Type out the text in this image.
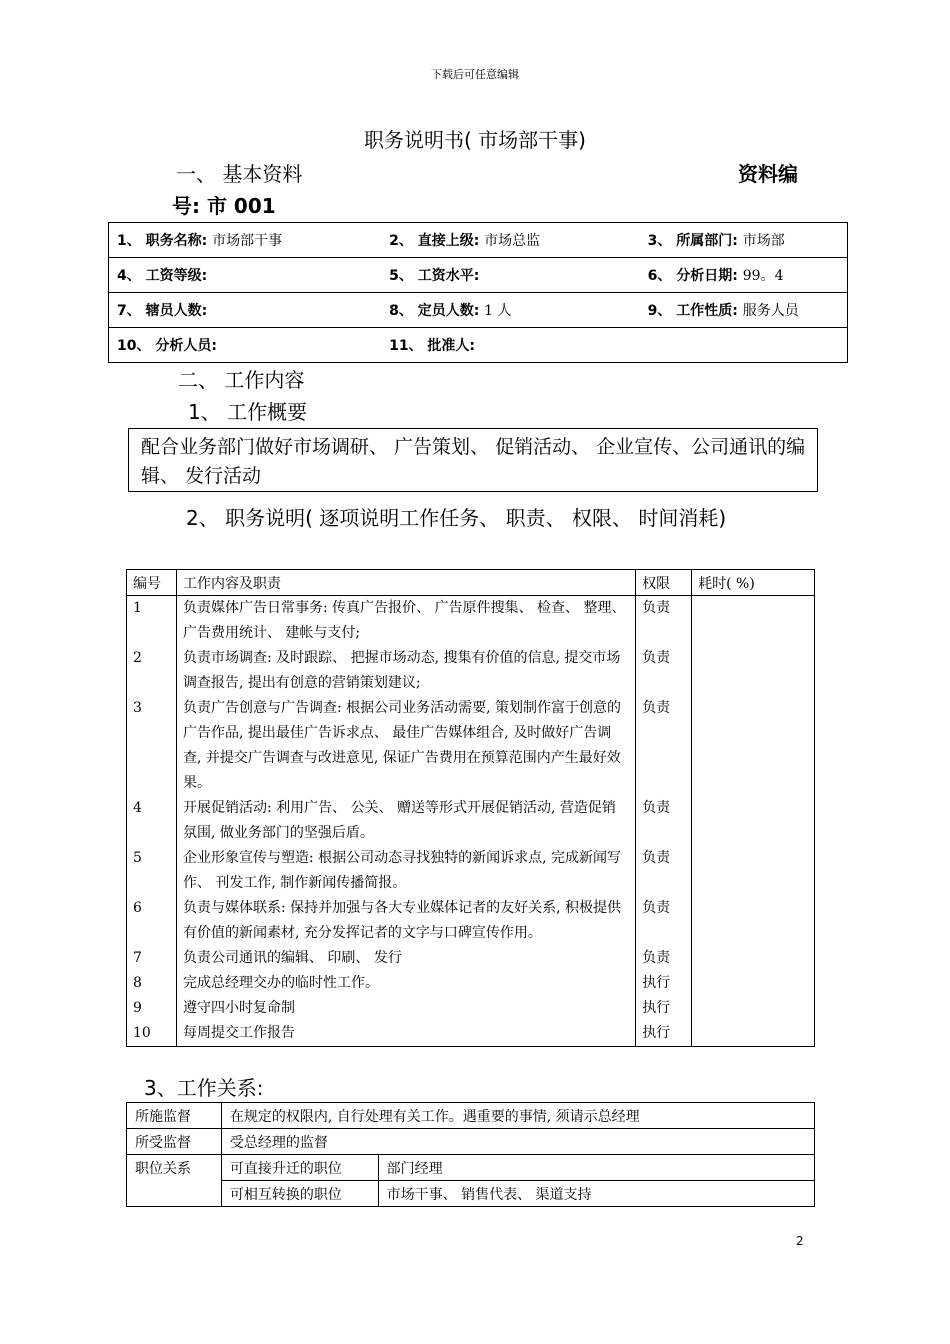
下载后可任意编辑
职务说明书( 市场部干事)
一、 基本资料	资料编
号: 市 001
1、 职务名称: 市场部干事	2、 直接上级: 市场总监	3、 所属部门: 市场部
4、 工资等级:	5、 工资水平:	6、 分析日期: 99。4
7、 辖员人数:	8、 定员人数: 1 人	9、 工作性质: 服务人员
10、 分析人员:	11、 批准人:	
二、 工作内容
1、 工作概要
配合业务部门做好市场调研、 广告策划、 促销活动、 企业宣传、公司通讯的编辑、 发行活动
2、 职务说明( 逐项说明工作任务、 职责、 权限、 时间消耗)
编号	工作内容及职责	权限	耗时( %)
1	负责媒体广告日常事务: 传真广告报价、 广告原件搜集、 检查、 整理、 广告费用统计、 建帐与支付;	负责	
2	负责市场调查: 及时跟踪、 把握市场动态, 搜集有价值的信息, 提交市场调查报告, 提出有创意的营销策划建议;	负责	
3	负责广告创意与广告调查: 根据公司业务活动需要, 策划制作富于创意的广告作品, 提出最佳广告诉求点、 最佳广告媒体组合, 及时做好广告调查, 并提交广告调查与改进意见, 保证广告费用在预算范围内产生最好效果。	负责	
4	开展促销活动: 利用广告、 公关、 赠送等形式开展促销活动, 营造促销氛围, 做业务部门的坚强后盾。	负责	
5	企业形象宣传与塑造: 根据公司动态寻找独特的新闻诉求点, 完成新闻写作、 刊发工作, 制作新闻传播简报。	负责	
6	负责与媒体联系: 保持并加强与各大专业媒体记者的友好关系, 积极提供有价值的新闻素材, 充分发挥记者的文字与口碑宣传作用。	负责	
7	负责公司通讯的编辑、 印刷、 发行	负责	
8	完成总经理交办的临时性工作。	执行	
9	遵守四小时复命制	执行	
10	每周提交工作报告	执行	
3、工作关系:
所施监督	在规定的权限内, 自行处理有关工作。遇重要的事情, 须请示总经理	
所受监督	受总经理的监督	
职位关系	可直接升迁的职位	部门经理
	可相互转换的职位	市场干事、 销售代表、 渠道支持
2
